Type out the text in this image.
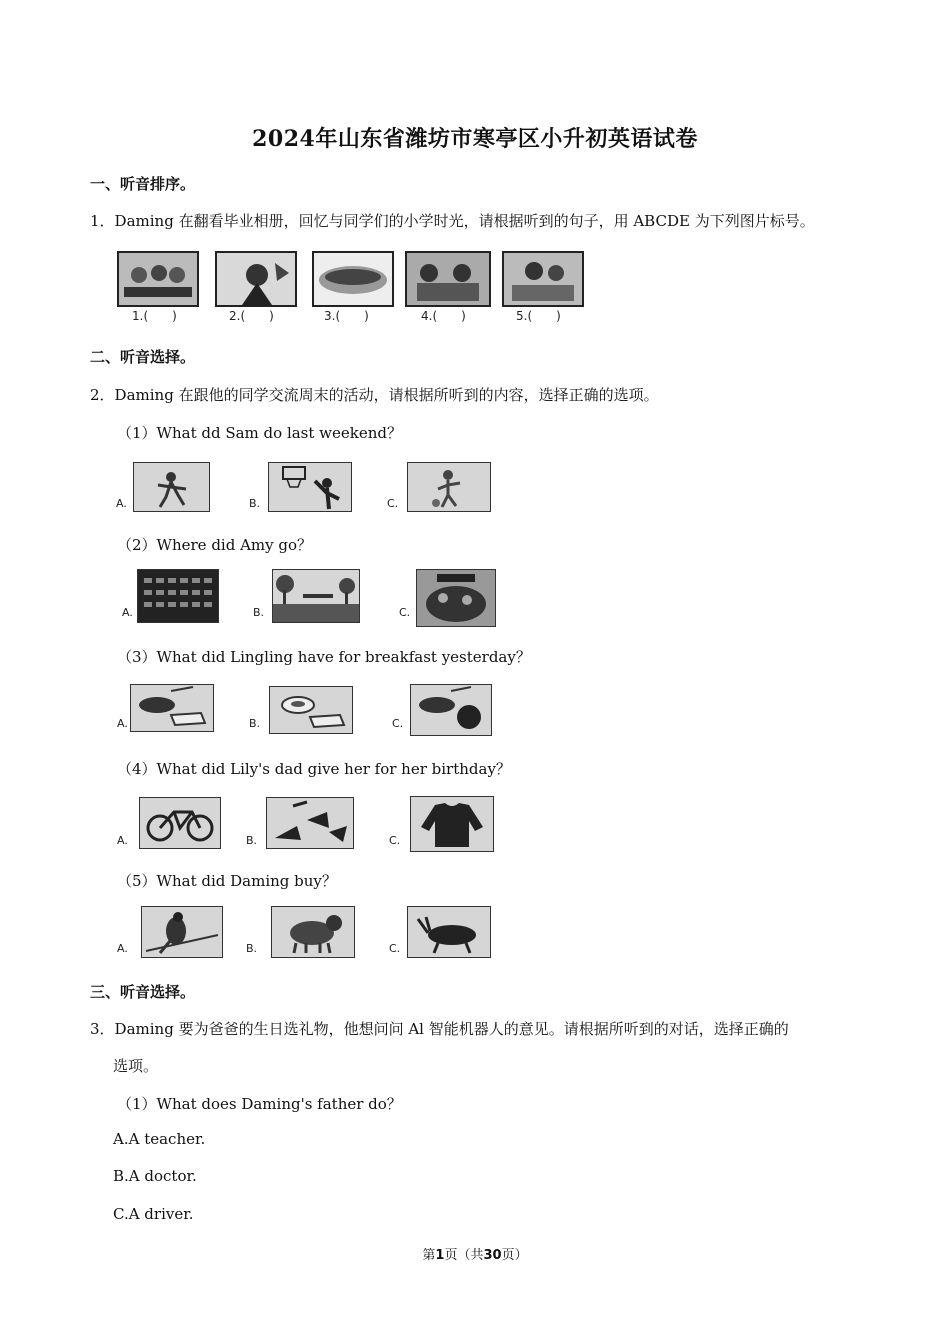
2024年山东省潍坊市寒亭区小升初英语试卷
一、听音排序。
1．Daming 在翻看毕业相册，回忆与同学们的小学时光，请根据听到的句子，用 ABCDE 为下列图片标号。
1.(　　)	2.(　　)	3.(　　)	4.(　　)	5.(　　)
二、听音选择。
2．Daming 在跟他的同学交流周末的活动，请根据所听到的内容，选择正确的选项。
（1）What dd Sam do last weekend？
A.	B.	C.
（2）Where did Amy go？
A.	B.	C.
（3）What did Lingling have for breakfast yesterday？
A.	B.	C.
（4）What did Lily's dad give her for her birthday？
A.	B.	C.
（5）What did Daming buy？
A.	B.	C.
三、听音选择。
3．Daming 要为爸爸的生日选礼物，他想问问 Al 智能机器人的意见。请根据所听到的对话，选择正确的
选项。
（1）What does Daming's father do？
A.A teacher.
B.A doctor.
C.A driver.
第1页（共30页）
